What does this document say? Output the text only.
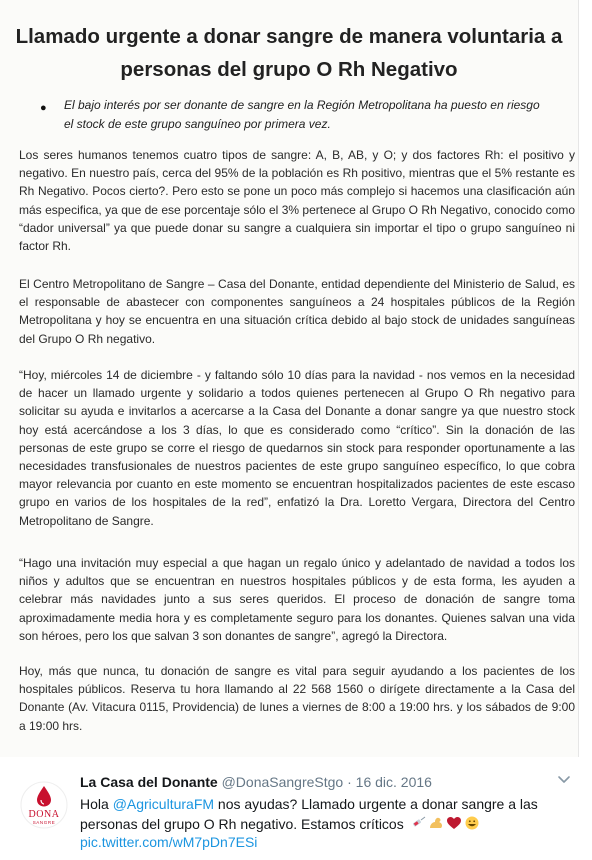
Llamado urgente a donar sangre de manera voluntaria a personas del grupo O Rh Negativo
●	El bajo interés por ser donante de sangre en la Región Metropolitana ha puesto en riesgo el stock de este grupo sanguíneo por primera vez.
Los seres humanos tenemos cuatro tipos de sangre: A, B, AB, y O; y dos factores Rh: el positivo y negativo. En nuestro país, cerca del 95% de la población es Rh positivo, mientras que el 5% restante es Rh Negativo. Pocos cierto?. Pero esto se pone un poco más complejo si hacemos una clasificación aún más especifica, ya que de ese porcentaje sólo el 3% pertenece al Grupo O Rh Negativo, conocido como “dador universal” ya que puede donar su sangre a cualquiera sin importar el tipo o grupo sanguíneo ni factor Rh.
El Centro Metropolitano de Sangre – Casa del Donante, entidad dependiente del Ministerio de Salud, es el responsable de abastecer con componentes sanguíneos a 24 hospitales públicos de la Región Metropolitana y hoy se encuentra en una situación crítica debido al bajo stock de unidades sanguíneas del Grupo O Rh negativo.
“Hoy, miércoles 14 de diciembre - y faltando sólo 10 días para la navidad - nos vemos en la necesidad de hacer un llamado urgente y solidario a todos quienes pertenecen al Grupo O Rh negativo para solicitar su ayuda e invitarlos a acercarse a la Casa del Donante a donar sangre ya que nuestro stock hoy está acercándose a los 3 días, lo que es considerado como “crítico”. Sin la donación de las personas de este grupo se corre el riesgo de quedarnos sin stock para responder oportunamente a las necesidades transfusionales de nuestros pacientes de este grupo sanguíneo específico, lo que cobra mayor relevancia por cuanto en este momento se encuentran hospitalizados pacientes de este escaso grupo en varios de los hospitales de la red”, enfatizó la Dra. Loretto Vergara, Directora del Centro Metropolitano de Sangre.
“Hago una invitación muy especial a que hagan un regalo único y adelantado de navidad a todos los niños y adultos que se encuentran en nuestros hospitales públicos y de esta forma, les ayuden a celebrar más navidades junto a sus seres queridos. El proceso de donación de sangre toma aproximadamente media hora y es completamente seguro para los donantes. Quienes salvan una vida son héroes, pero los que salvan 3 son donantes de sangre”, agregó la Directora.
Hoy, más que nunca, tu donación de sangre es vital para seguir ayudando a los pacientes de los hospitales públicos. Reserva tu hora llamando al 22 568 1560 o dirígete directamente a la Casa del Donante (Av. Vitacura 0115, Providencia) de lunes a viernes de 8:00 a 19:00 hrs. y los sábados de 9:00 a 19:00 hrs.
DONA
SANGRE
La Casa del Donante @DonaSangreStgo · 16 dic. 2016
Hola @AgriculturaFM nos ayudas? Llamado urgente a donar sangre a las personas del grupo O Rh negativo. Estamos críticos
pic.twitter.com/wM7pDn7ESi
